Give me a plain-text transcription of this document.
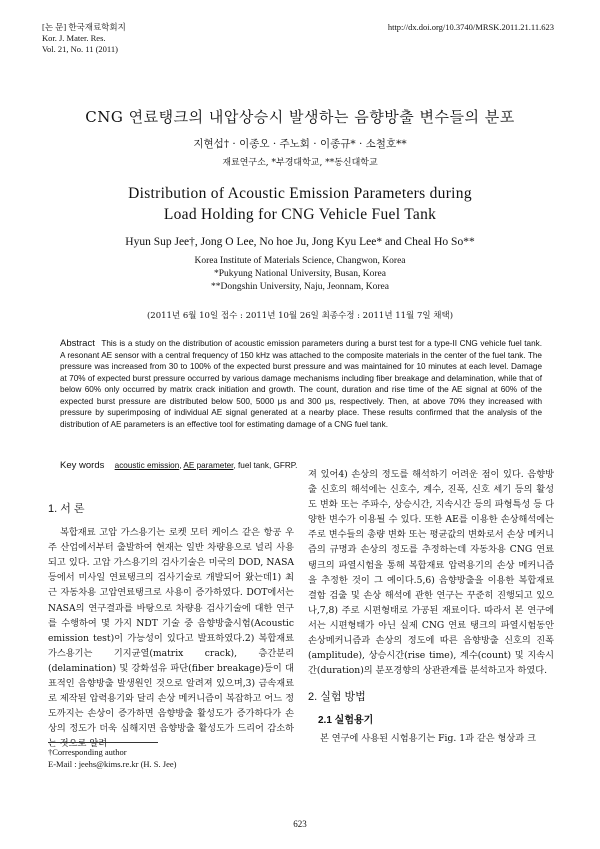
[논 문] 한국재료학회지
Kor. J. Mater. Res.
Vol. 21, No. 11 (2011)
http://dx.doi.org/10.3740/MRSK.2011.21.11.623
CNG 연료탱크의 내압상승시 발생하는 음향방출 변수들의 분포
지현섭† · 이종오 · 주노회 · 이종규* · 소철호**
재료연구소, *부경대학교, **동신대학교
Distribution of Acoustic Emission Parameters during
Load Holding for CNG Vehicle Fuel Tank
Hyun Sup Jee†, Jong O Lee, No hoe Ju, Jong Kyu Lee* and Cheal Ho So**
Korea Institute of Materials Science, Changwon, Korea
*Pukyung National University, Busan, Korea
**Dongshin University, Naju, Jeonnam, Korea
(2011년 6월 10일 접수 : 2011년 10월 26일 최종수정 : 2011년 11월 7일 채택)
Abstract This is a study on the distribution of acoustic emission parameters during a burst test for a type-II CNG vehicle fuel tank. A resonant AE sensor with a central frequency of 150 kHz was attached to the composite materials in the center of the fuel tank. The pressure was increased from 30 to 100% of the expected burst pressure and was maintained for 10 minutes at each level. Damage at 70% of expected burst pressure occurred by various damage mechanisms including fiber breakage and delamination, while that of below 60% only occurred by matrix crack initiation and growth. The count, duration and rise time of the AE signal at 60% of the expected burst pressure are distributed below 500, 5000 μs and 300 μs, respectively. Then, at above 70% they increased with pressure by superimposing of individual AE signal generated at a nearby place. These results confirmed that the analysis of the distribution of AE parameters is an effective tool for estimating damage of a CNG fuel tank.
Key words acoustic emission, AE parameter, fuel tank, GFRP.
1. 서 론

복합재료 고압 가스용기는 로켓 모터 케이스 같은 항공 우주 산업에서부터 출발하여 현재는 일반 차량용으로 널리 사용되고 있다. 고압 가스용기의 검사기술은 미국의 DOD, NASA 등에서 미사일 연료탱크의 검사기술로 개발되어 왔는데1) 최근 자동차용 고압연료탱크로 사용이 증가하였다. DOT에서는 NASA의 연구결과를 바탕으로 차량용 검사기술에 대한 연구를 수행하여 몇 가지 NDT 기술 중 음향방출시험(Acoustic emission test)이 가능성이 있다고 발표하였다.2) 복합재료 가스용기는 기지균열(matrix crack), 층간분리(delamination) 및 강화섬유 파단(fiber breakage)등이 대표적인 음향방출 발생원인 것으로 알려져 있으며,3) 금속재료로 제작된 압력용기와 달리 손상 메커니즘이 복잡하고 어느 정도까지는 손상이 증가하면 음향방출 활성도가 증가하다가 손상의 정도가 더욱 심해지면 음향방출 활성도가 드리어 감소하는 것으로 알려

져 있어4) 손상의 정도를 해석하기 어려운 점이 있다. 음향방출 신호의 해석에는 신호수, 계수, 진폭, 신호 세기 등의 활성도 변화 또는 주파수, 상승시간, 지속시간 등의 파형특성 등 다양한 변수가 이용될 수 있다. 또한 AE를 이용한 손상해석에는 주로 변수들의 총량 변화 또는 평균값의 변화로서 손상 메커니즘의 규명과 손상의 정도를 추정하는데 자동차용 CNG 연료탱크의 파열시험을 통해 복합재료 압력용기의 손상 메커니즘을 추정한 것이 그 예이다.5,6) 음향방출을 이용한 복합재료 결함 검출 및 손상 해석에 관한 연구는 꾸준히 진행되고 있으나,7,8) 주로 시편형태로 가공된 재료이다. 따라서 본 연구에서는 시편형태가 아닌 실제 CNG 연료 탱크의 파열시험동안 손상메커니즘과 손상의 정도에 따른 음향방출 신호의 진폭(amplitude), 상승시간(rise time), 계수(count) 및 지속시간(duration)의 분포경향의 상관관계를 분석하고자 하였다.

2. 실험 방법
2.1 실험용기

본 연구에 사용된 시험용기는 Fig. 1과 같은 형상과 크

†Corresponding author
E-Mail : jeehs@kims.re.kr (H. S. Jee)
623
